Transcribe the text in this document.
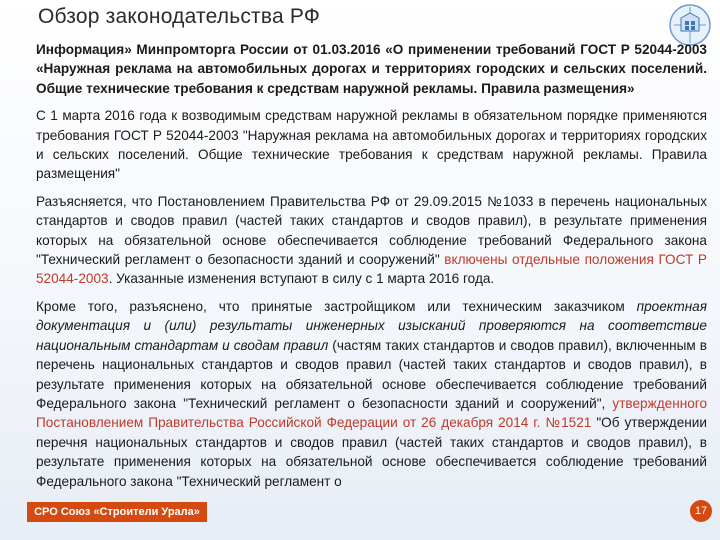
Обзор законодательства РФ

Информация» Минпромторга России от 01.03.2016 «О применении требований ГОСТ Р 52044-2003 «Наружная реклама на автомобильных дорогах и территориях городских и сельских поселений. Общие технические требования к средствам наружной рекламы. Правила размещения»

С 1 марта 2016 года к возводимым средствам наружной рекламы в обязательном порядке применяются требования ГОСТ Р 52044-2003 "Наружная реклама на автомобильных дорогах и территориях городских и сельских поселений. Общие технические требования к средствам наружной рекламы. Правила размещения"

Разъясняется, что Постановлением Правительства РФ от 29.09.2015 №1033 в перечень национальных стандартов и сводов правил (частей таких стандартов и сводов правил), в результате применения которых на обязательной основе обеспечивается соблюдение требований Федерального закона "Технический регламент о безопасности зданий и сооружений" включены отдельные положения ГОСТ Р 52044-2003. Указанные изменения вступают в силу с 1 марта 2016 года.

Кроме того, разъяснено, что принятые застройщиком или техническим заказчиком проектная документация и (или) результаты инженерных изысканий проверяются на соответствие национальным стандартам и сводам правил (частям таких стандартов и сводов правил), включенным в перечень национальных стандартов и сводов правил (частей таких стандартов и сводов правил), в результате применения которых на обязательной основе обеспечивается соблюдение требований Федерального закона "Технический регламент о безопасности зданий и сооружений", утвержденного Постановлением Правительства Российской Федерации от 26 декабря 2014 г. №1521 "Об утверждении перечня национальных стандартов и сводов правил (частей таких стандартов и сводов правил), в результате применения которых на обязательной основе обеспечивается соблюдение требований Федерального закона "Технический регламент о

СРО Союз «Строители Урала»	17
